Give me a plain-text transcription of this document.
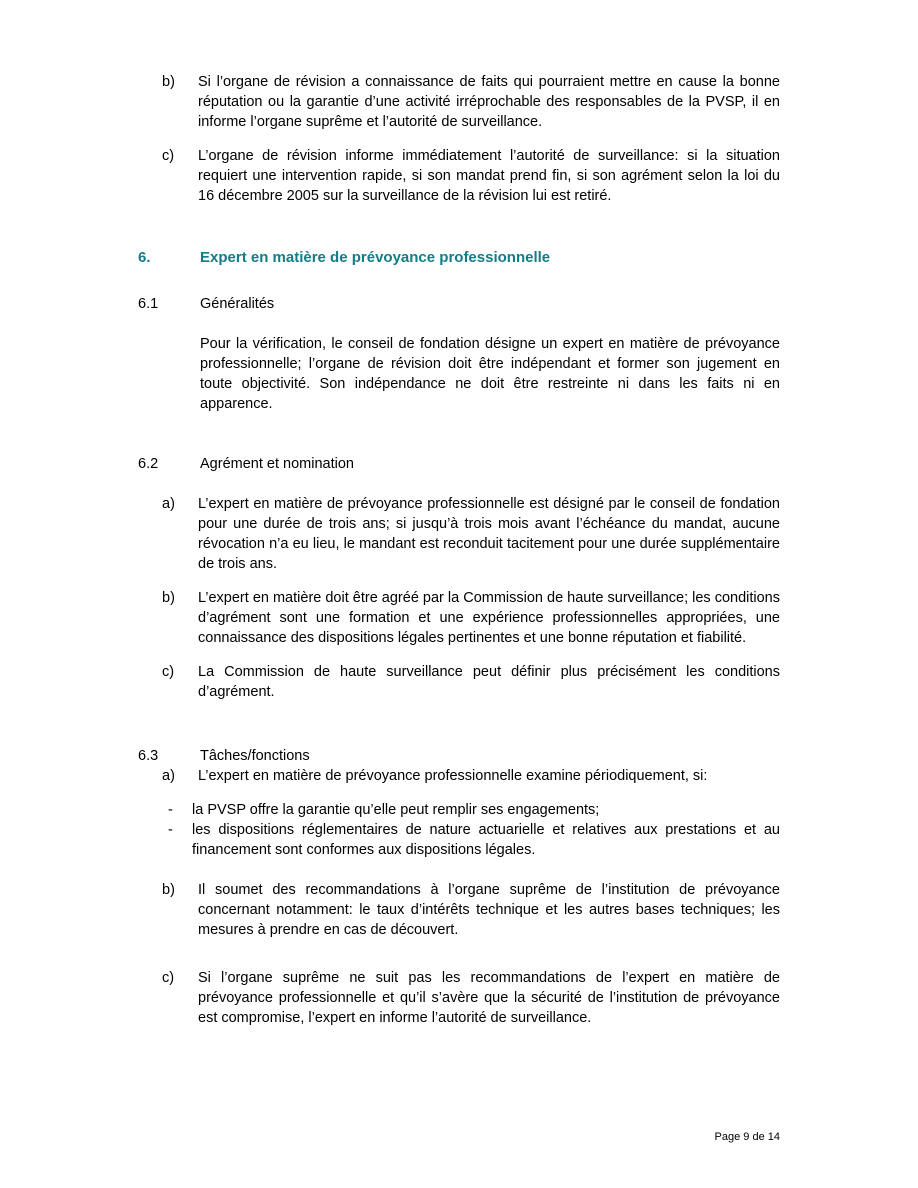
b)	Si l’organe de révision a connaissance de faits qui pourraient mettre en cause la bonne réputation ou la garantie d’une activité irréprochable des responsables de la PVSP, il en informe l’organe suprême et l’autorité de surveillance.
c)	L’organe de révision informe immédiatement l’autorité de surveillance: si la situation requiert une intervention rapide, si son mandat prend fin, si son agrément selon la loi du 16 décembre 2005 sur la surveillance de la révision lui est retiré.
6.	Expert en matière de prévoyance professionnelle
6.1	Généralités
Pour la vérification, le conseil de fondation désigne un expert en matière de prévoyance professionnelle; l’organe de révision doit être indépendant et former son jugement en toute objectivité. Son indépendance ne doit être restreinte ni dans les faits ni en apparence.
6.2	Agrément et nomination
a)	L’expert en matière de prévoyance professionnelle est désigné par le conseil de fondation pour une durée de trois ans; si jusqu’à trois mois avant l’échéance du mandat, aucune révocation n’a eu lieu, le mandant est reconduit tacitement pour une durée supplémentaire de trois ans.
b)	L’expert en matière doit être agréé par la Commission de haute surveillance; les conditions d’agrément sont une formation et une expérience professionnelles appropriées, une connaissance des dispositions légales pertinentes et une bonne réputation et fiabilité.
c)	La Commission de haute surveillance peut définir plus précisément les conditions d’agrément.
6.3	Tâches/fonctions
a)	L’expert en matière de prévoyance professionnelle examine périodiquement, si:
-	la PVSP offre la garantie qu’elle peut remplir ses engagements;
-	les dispositions réglementaires de nature actuarielle et relatives aux prestations et au financement sont conformes aux dispositions légales.
b)	Il soumet des recommandations à l’organe suprême de l’institution de prévoyance concernant notamment: le taux d’intérêts technique et les autres bases techniques; les mesures à prendre en cas de découvert.
c)	Si l’organe suprême ne suit pas les recommandations de l’expert en matière de prévoyance professionnelle et qu’il s’avère que la sécurité de l’institution de prévoyance est compromise, l’expert en informe l’autorité de surveillance.
Page 9 de 14
